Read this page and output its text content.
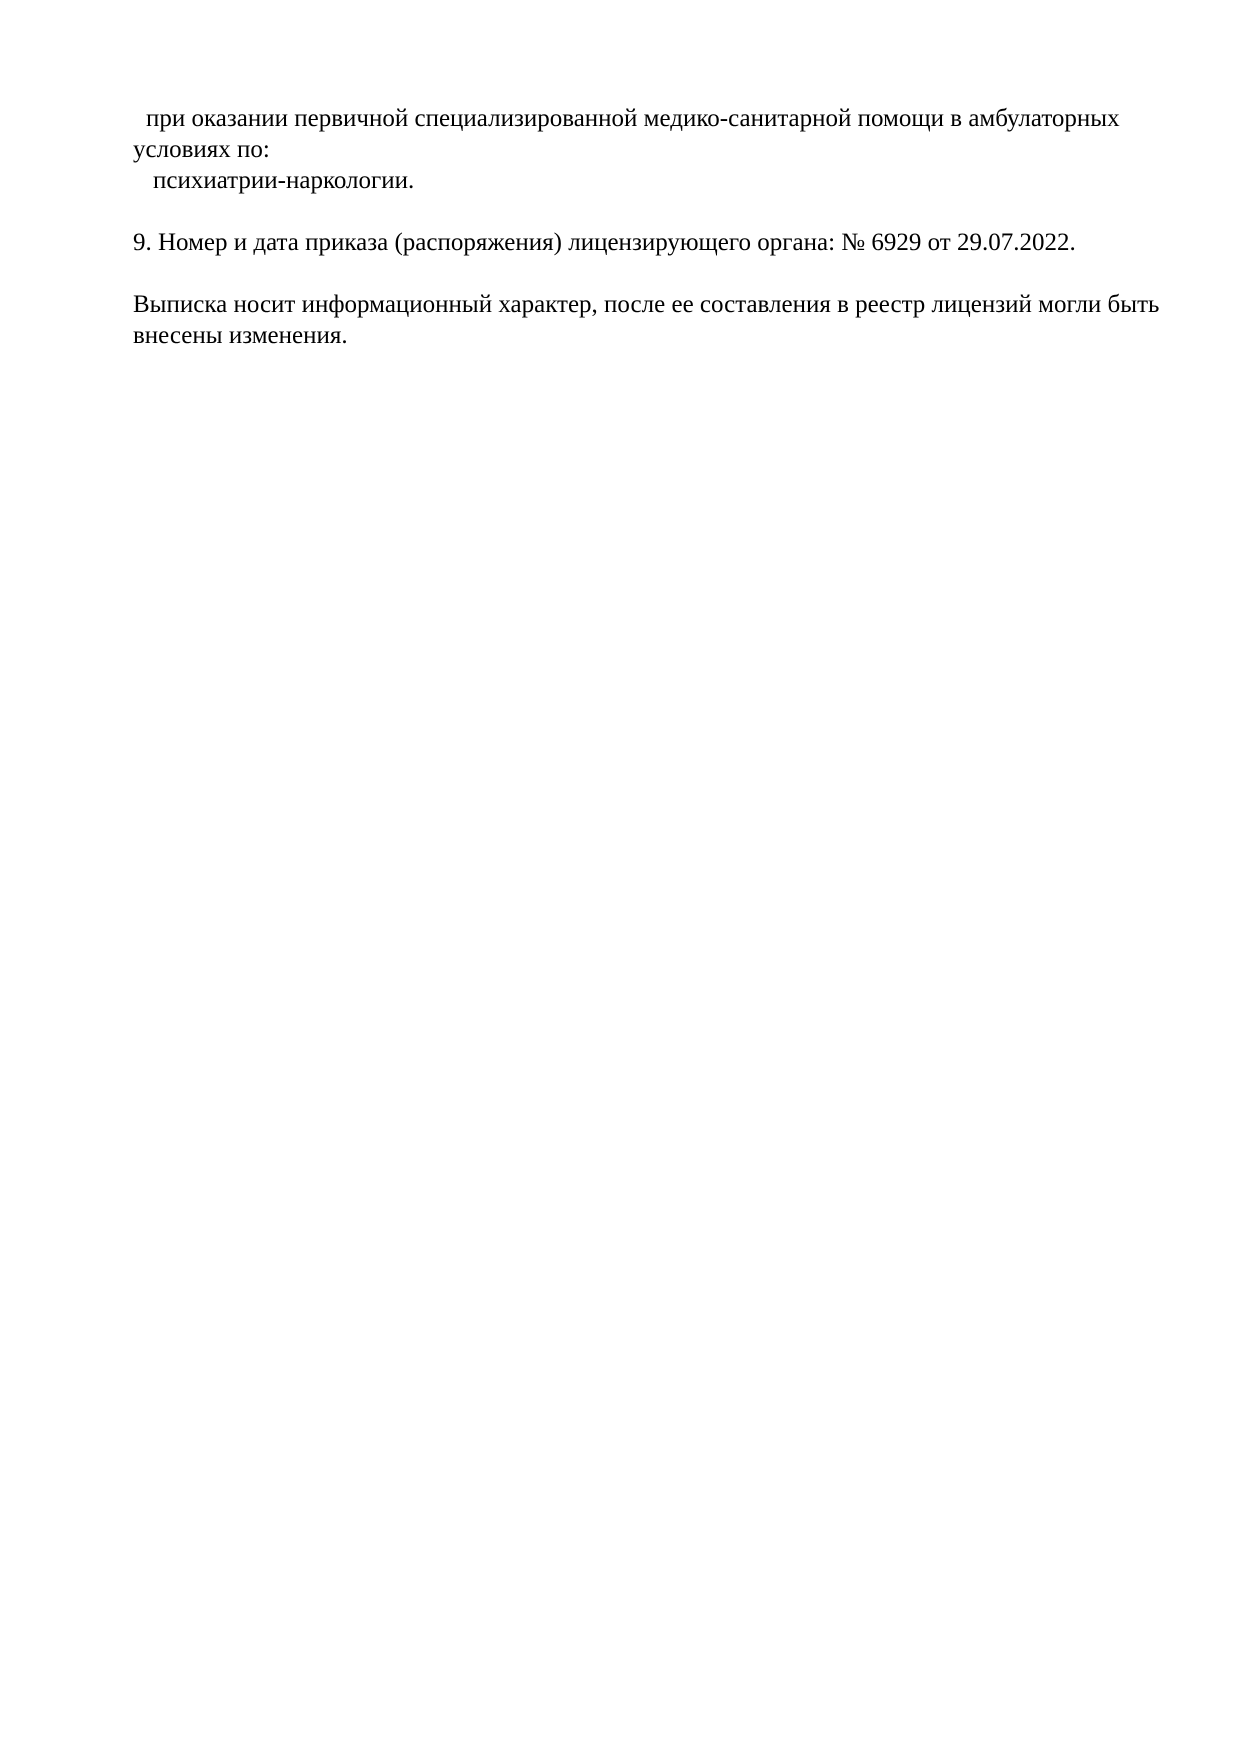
при оказании первичной специализированной медико-санитарной помощи в амбулаторных
условиях по:
психиатрии-наркологии.
9. Номер и дата приказа (распоряжения) лицензирующего органа: № 6929 от 29.07.2022.
Выписка носит информационный характер, после ее составления в реестр лицензий могли быть
внесены изменения.
